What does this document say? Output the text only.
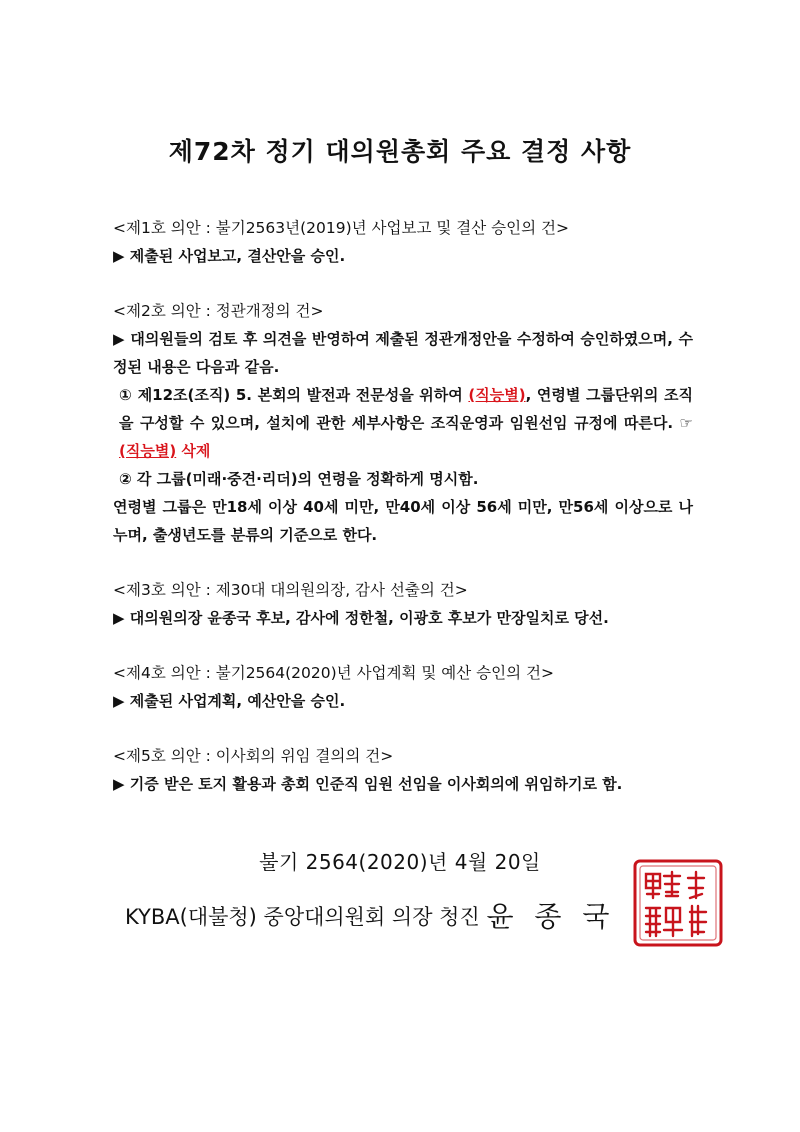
제72차 정기 대의원총회 주요 결정 사항
<제1호 의안 : 불기2563년(2019)년 사업보고 및 결산 승인의 건>
▶ 제출된 사업보고, 결산안을 승인.
<제2호 의안 : 정관개정의 건>
▶ 대의원들의 검토 후 의견을 반영하여 제출된 정관개정안을 수정하여 승인하였으며, 수정된 내용은 다음과 같음.
① 제12조(조직) 5. 본회의 발전과 전문성을 위하여 (직능별), 연령별 그룹단위의 조직을 구성할 수 있으며, 설치에 관한 세부사항은 조직운영과 임원선임 규정에 따른다. ☞ (직능별) 삭제
② 각 그룹(미래·중견·리더)의 연령을 정확하게 명시함.
연령별 그룹은 만18세 이상 40세 미만, 만40세 이상 56세 미만, 만56세 이상으로 나누며, 출생년도를 분류의 기준으로 한다.
<제3호 의안 : 제30대 대의원의장, 감사 선출의 건>
▶ 대의원의장 윤종국 후보, 감사에 정한철, 이광호 후보가 만장일치로 당선.
<제4호 의안 : 불기2564(2020)년 사업계획 및 예산 승인의 건>
▶ 제출된 사업계획, 예산안을 승인.
<제5호 의안 : 이사회의 위임 결의의 건>
▶ 기증 받은 토지 활용과 총회 인준직 임원 선임을 이사회의에 위임하기로 함.
불기 2564(2020)년 4월 20일
KYBA(대불청) 중앙대의원회 의장 청진 윤 종 국
